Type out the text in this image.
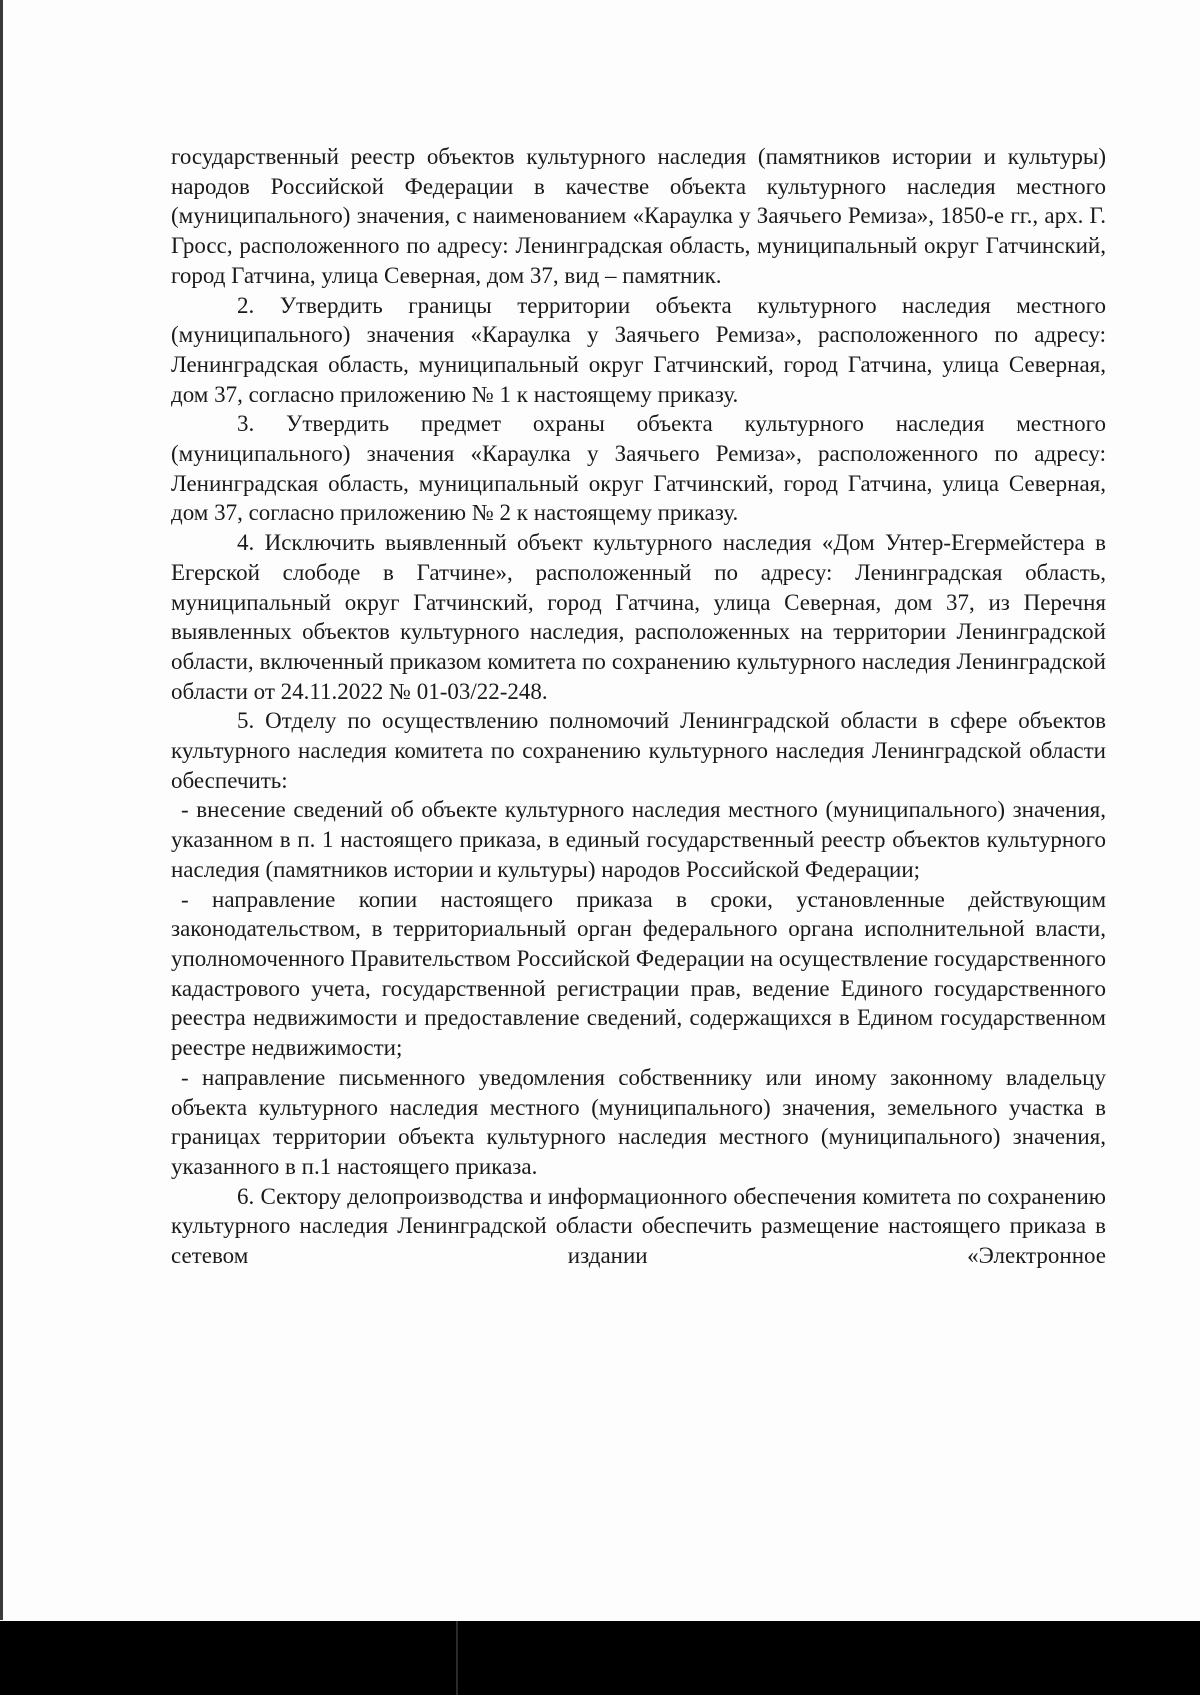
государственный реестр объектов культурного наследия (памятников истории и культуры) народов Российской Федерации в качестве объекта культурного наследия местного (муниципального) значения, с наименованием «Караулка у Заячьего Ремиза», 1850-е гг., арх. Г. Гросс, расположенного по адресу: Ленинградская область, муниципальный округ Гатчинский, город Гатчина, улица Северная, дом 37, вид – памятник.

2. Утвердить границы территории объекта культурного наследия местного (муниципального) значения «Караулка у Заячьего Ремиза», расположенного по адресу: Ленинградская область, муниципальный округ Гатчинский, город Гатчина, улица Северная, дом 37, согласно приложению № 1 к настоящему приказу.

3. Утвердить предмет охраны объекта культурного наследия местного (муниципального) значения «Караулка у Заячьего Ремиза», расположенного по адресу: Ленинградская область, муниципальный округ Гатчинский, город Гатчина, улица Северная, дом 37, согласно приложению № 2 к настоящему приказу.

4. Исключить выявленный объект культурного наследия «Дом Унтер-Егермейстера в Егерской слободе в Гатчине», расположенный по адресу: Ленинградская область, муниципальный округ Гатчинский, город Гатчина, улица Северная, дом 37, из Перечня выявленных объектов культурного наследия, расположенных на территории Ленинградской области, включенный приказом комитета по сохранению культурного наследия Ленинградской области от 24.11.2022 № 01-03/22-248.

5. Отделу по осуществлению полномочий Ленинградской области в сфере объектов культурного наследия комитета по сохранению культурного наследия Ленинградской области обеспечить:

- внесение сведений об объекте культурного наследия местного (муниципального) значения, указанном в п. 1 настоящего приказа, в единый государственный реестр объектов культурного наследия (памятников истории и культуры) народов Российской Федерации;

- направление копии настоящего приказа в сроки, установленные действующим законодательством, в территориальный орган федерального органа исполнительной власти, уполномоченного Правительством Российской Федерации на осуществление государственного кадастрового учета, государственной регистрации прав, ведение Единого государственного реестра недвижимости и предоставление сведений, содержащихся в Едином государственном реестре недвижимости;

- направление письменного уведомления собственнику или иному законному владельцу объекта культурного наследия местного (муниципального) значения, земельного участка в границах территории объекта культурного наследия местного (муниципального) значения, указанного в п.1 настоящего приказа.

6. Сектору делопроизводства и информационного обеспечения комитета по сохранению культурного наследия Ленинградской области обеспечить размещение настоящего приказа в сетевом издании «Электронное
